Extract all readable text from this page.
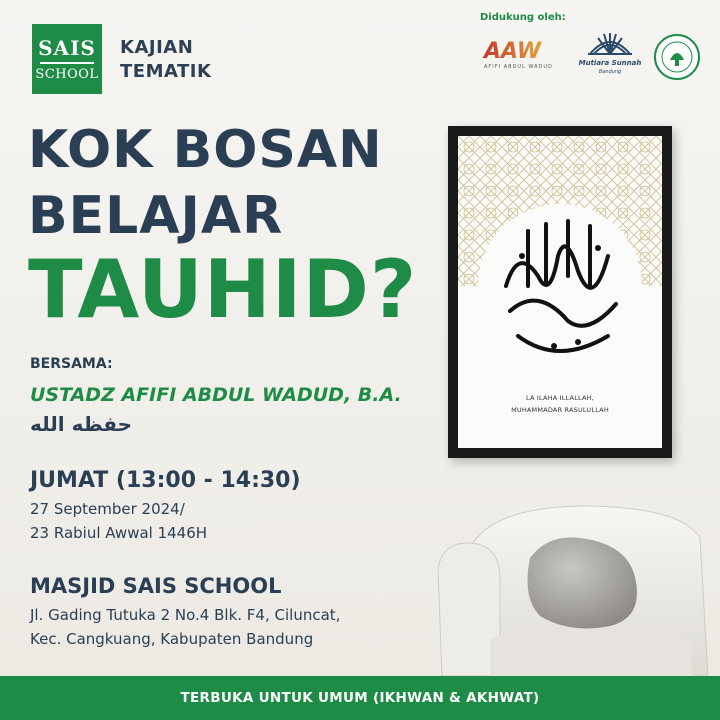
SAIS
SCHOOL
KAJIAN
TEMATIK
Didukung oleh:
AAW
AFIFI ABDUL WADUD	Mutiara Sunnah
Bandung
KOK BOSAN
BELAJAR
TAUHID?
BERSAMA:
USTADZ AFIFI ABDUL WADUD, B.A.
حفظه الله
JUMAT (13:00 - 14:30)
27 September 2024/
23 Rabiul Awwal 1446H
MASJID SAIS SCHOOL
Jl. Gading Tutuka 2 No.4 Blk. F4, Ciluncat,
Kec. Cangkuang, Kabupaten Bandung
LA ILAHA ILLALLAH,
MUHAMMADAR RASULULLAH
TERBUKA UNTUK UMUM (IKHWAN & AKHWAT)
